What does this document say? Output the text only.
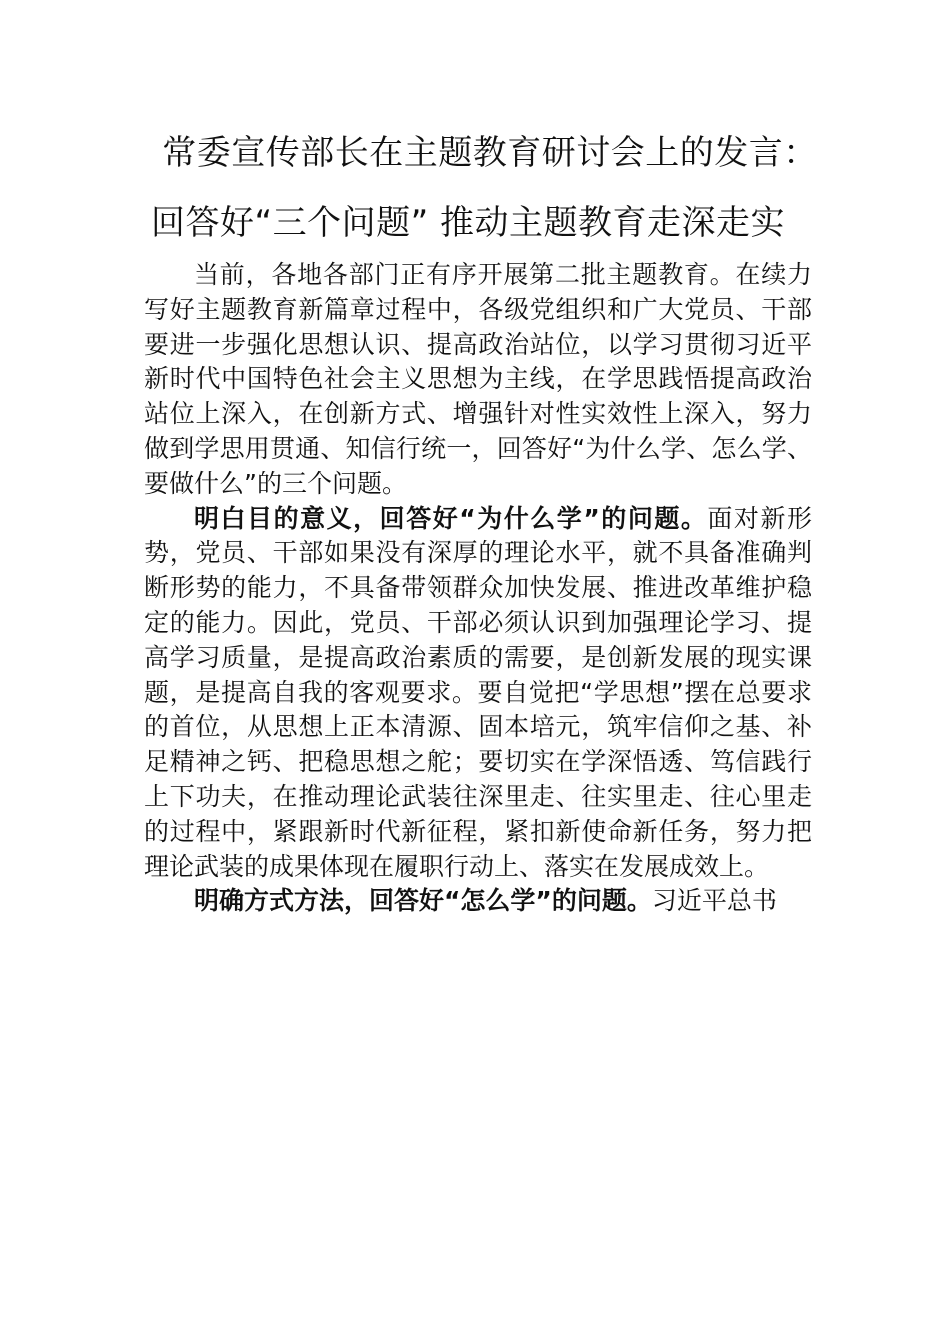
常委宣传部长在主题教育研讨会上的发言：
回答好“三个问题” 推动主题教育走深走实

当前，各地各部门正有序开展第二批主题教育。在续力写好主题教育新篇章过程中，各级党组织和广大党员、干部要进一步强化思想认识、提高政治站位，以学习贯彻习近平新时代中国特色社会主义思想为主线，在学思践悟提高政治站位上深入，在创新方式、增强针对性实效性上深入，努力做到学思用贯通、知信行统一，回答好“为什么学、怎么学、要做什么”的三个问题。

明白目的意义，回答好“为什么学”的问题。面对新形势，党员、干部如果没有深厚的理论水平，就不具备准确判断形势的能力，不具备带领群众加快发展、推进改革维护稳定的能力。因此，党员、干部必须认识到加强理论学习、提高学习质量，是提高政治素质的需要，是创新发展的现实课题，是提高自我的客观要求。要自觉把“学思想”摆在总要求的首位，从思想上正本清源、固本培元，筑牢信仰之基、补足精神之钙、把稳思想之舵；要切实在学深悟透、笃信践行上下功夫，在推动理论武装往深里走、往实里走、往心里走的过程中，紧跟新时代新征程，紧扣新使命新任务，努力把理论武装的成果体现在履职行动上、落实在发展成效上。

明确方式方法，回答好“怎么学”的问题。习近平总书
